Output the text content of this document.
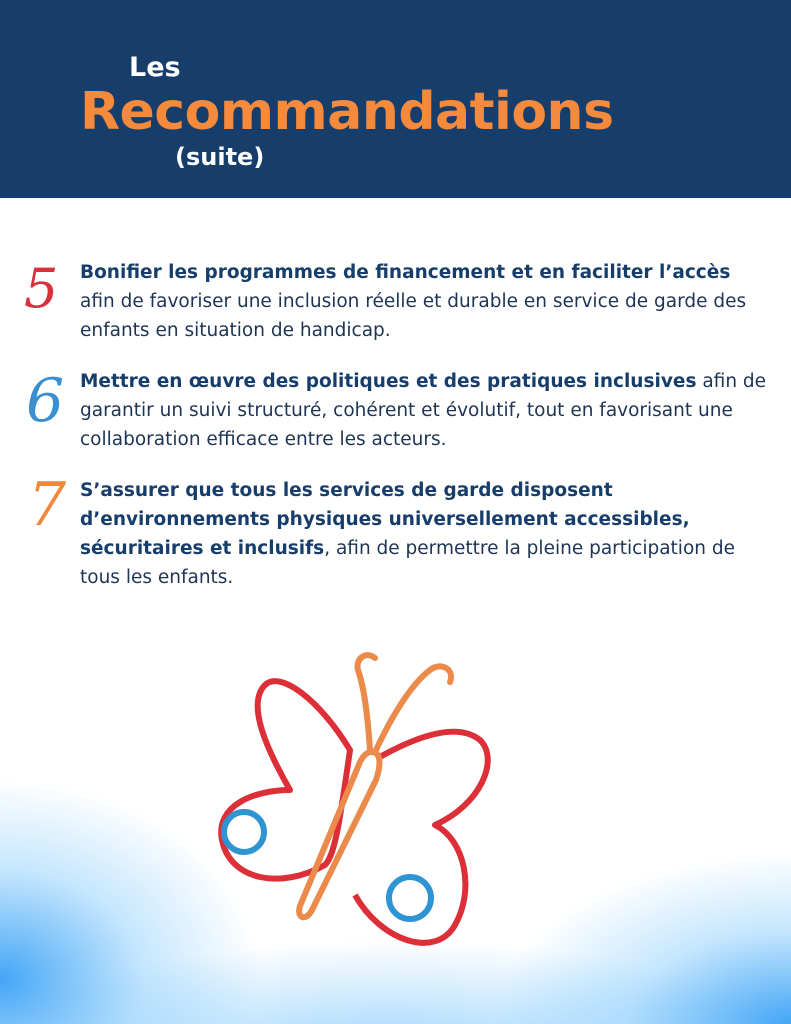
Les
Recommandations
(suite)
5 Bonifier les programmes de financement et en faciliter l’accès afin de favoriser une inclusion réelle et durable en service de garde des enfants en situation de handicap.
6 Mettre en œuvre des politiques et des pratiques inclusives afin de garantir un suivi structuré, cohérent et évolutif, tout en favorisant une collaboration efficace entre les acteurs.
7 S’assurer que tous les services de garde disposent d’environnements physiques universellement accessibles, sécuritaires et inclusifs, afin de permettre la pleine participation de tous les enfants.
